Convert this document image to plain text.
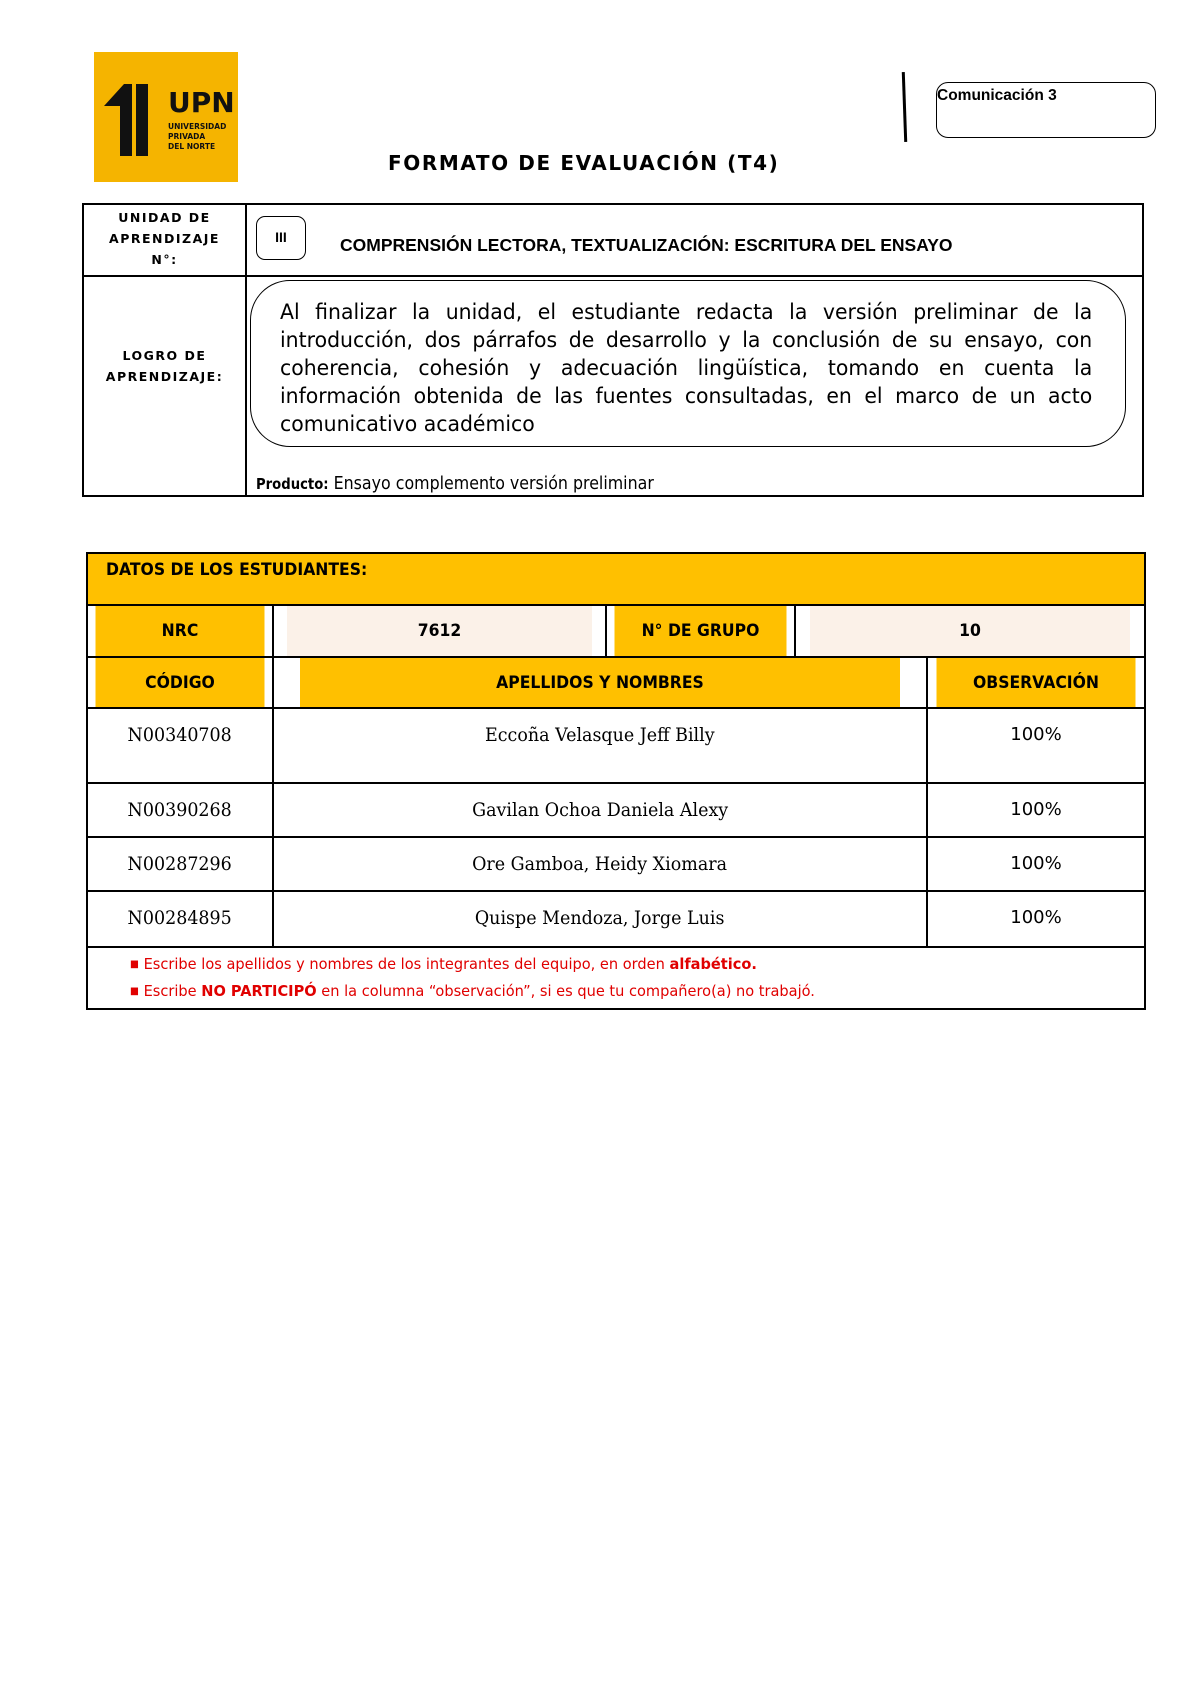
UPN
UNIVERSIDAD
PRIVADA
DEL NORTE
Comunicación 3
FORMATO DE EVALUACIÓN (T4)
UNIDAD DE
APRENDIZAJE
N°:
III	COMPRENSIÓN LECTORA, TEXTUALIZACIÓN: ESCRITURA DEL ENSAYO
LOGRO DE
APRENDIZAJE:
Al finalizar la unidad, el estudiante redacta la versión preliminar de la introducción, dos párrafos de desarrollo y la conclusión de su ensayo, con coherencia, cohesión y adecuación lingüística, tomando en cuenta la información obtenida de las fuentes consultadas, en el marco de un acto comunicativo académico
Producto: Ensayo complemento versión preliminar
DATOS DE LOS ESTUDIANTES:				
NRC	7612	N° DE GRUPO	10	
CÓDIGO	APELLIDOS Y NOMBRES			OBSERVACIÓN
N00340708	Eccoña Velasque Jeff Billy			100%
N00390268	Gavilan Ochoa Daniela Alexy			100%
N00287296	Ore Gamboa, Heidy Xiomara			100%
N00284895	Quispe Mendoza, Jorge Luis			100%

■ Escribe los apellidos y nombres de los integrantes del equipo, en orden alfabético.
■ Escribe NO PARTICIPÓ en la columna “observación”, si es que tu compañero(a) no trabajó.				
